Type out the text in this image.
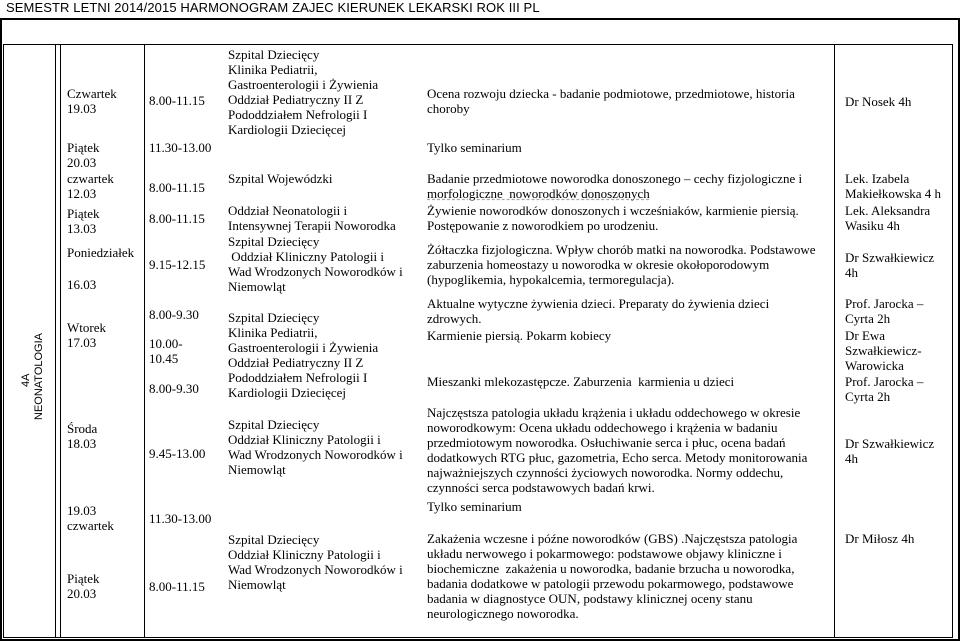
SEMESTR LETNI 2014/2015 HARMONOGRAM ZAJEC KIERUNEK LEKARSKI ROK III PL
4A
NEONATOLOGIA
Czwartek
19.03
Piątek
20.03
czwartek
12.03
Piątek
13.03
Poniedziałek
16.03
Wtorek
17.03
Środa
18.03
19.03
czwartek
Piątek
20.03
8.00-11.15
11.30-13.00
8.00-11.15
8.00-11.15
9.15-12.15
8.00-9.30
10.00-
10.45
8.00-9.30
9.45-13.00
11.30-13.00
8.00-11.15
Szpital Dziecięcy
Klinika Pediatrii,
Gastroenterologii i Żywienia
Oddział Pediatryczny II Z
Pododdziałem Nefrologii I
Kardiologii Dziecięcej
Szpital Wojewódzki
Oddział Neonatologii i
Intensywnej Terapii Noworodka
Szpital Dziecięcy
Oddział Kliniczny Patologii i
Wad Wrodzonych Noworodków i
Niemowląt
Szpital Dziecięcy
Klinika Pediatrii,
Gastroenterologii i Żywienia
Oddział Pediatryczny II Z
Pododdziałem Nefrologii I
Kardiologii Dziecięcej
Szpital Dziecięcy
Oddział Kliniczny Patologii i
Wad Wrodzonych Noworodków i
Niemowląt
Szpital Dziecięcy
Oddział Kliniczny Patologii i
Wad Wrodzonych Noworodków i
Niemowląt
Ocena rozwoju dziecka - badanie podmiotowe, przedmiotowe, historia
choroby
Tylko seminarium
Badanie przedmiotowe noworodka donoszonego – cechy fizjologiczne i
morfologiczne  noworodków donoszonych
Żywienie noworodków donoszonych i wcześniaków, karmienie piersią.
Postępowanie z noworodkiem po urodzeniu.
Żółtaczka fizjologiczna. Wpływ chorób matki na noworodka. Podstawowe
zaburzenia homeostazy u noworodka w okresie okołoporodowym
(hypoglikemia, hypokalcemia, termoregulacja).
Aktualne wytyczne żywienia dzieci. Preparaty do żywienia dzieci
zdrowych.
Karmienie piersią. Pokarm kobiecy
Mieszanki mlekozastępcze. Zaburzenia  karmienia u dzieci
Najczęstsza patologia układu krążenia i układu oddechowego w okresie
noworodkowym: Ocena układu oddechowego i krążenia w badaniu
przedmiotowym noworodka. Osłuchiwanie serca i płuc, ocena badań
dodatkowych RTG płuc, gazometria, Echo serca. Metody monitorowania
najważniejszych czynności życiowych noworodka. Normy oddechu,
czynności serca podstawowych badań krwi.
Tylko seminarium
Zakażenia wczesne i późne noworodków (GBS) .Najczęstsza patologia
układu nerwowego i pokarmowego: podstawowe objawy kliniczne i
biochemiczne  zakażenia u noworodka, badanie brzucha u noworodka,
badania dodatkowe w patologii przewodu pokarmowego, podstawowe
badania w diagnostyce OUN, podstawy klinicznej oceny stanu
neurologicznego noworodka.
Dr Nosek 4h
Lek. Izabela
Makiełkowska 4 h
Lek. Aleksandra
Wasiku 4h
Dr Szwałkiewicz
4h
Prof. Jarocka –
Cyrta 2h
Dr Ewa
Szwałkiewicz-
Warowicka
Prof. Jarocka –
Cyrta 2h
Dr Szwałkiewicz
4h
Dr Miłosz 4h
